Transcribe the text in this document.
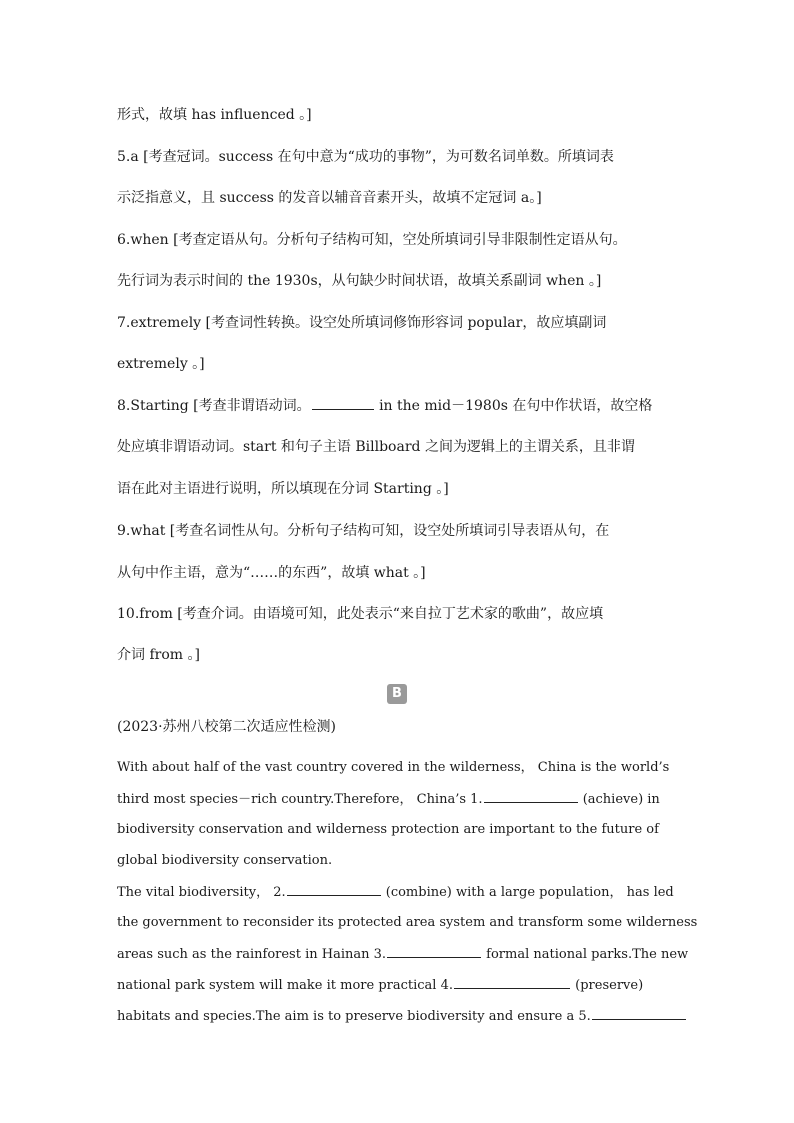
形式，故填 has influenced 。]
5.a [考查冠词。success 在句中意为“成功的事物”，为可数名词单数。所填词表
示泛指意义，且 success 的发音以辅音音素开头，故填不定冠词 a。]
6.when [考查定语从句。分析句子结构可知，空处所填词引导非限制性定语从句。
先行词为表示时间的 the 1930s，从句缺少时间状语，故填关系副词 when 。]
7.extremely [考查词性转换。设空处所填词修饰形容词 popular，故应填副词
extremely 。]
8.Starting [考查非谓语动词。	in the mid－1980s 在句中作状语，故空格
处应填非谓语动词。start 和句子主语 Billboard 之间为逻辑上的主谓关系，且非谓
语在此对主语进行说明，所以填现在分词 Starting 。]
9.what [考查名词性从句。分析句子结构可知，设空处所填词引导表语从句，在
从句中作主语，意为“……的东西”，故填 what 。]
10.from [考查介词。由语境可知，此处表示“来自拉丁艺术家的歌曲”，故应填
介词 from 。]
B
(2023·苏州八校第二次适应性检测)
With about half of the vast country covered in the wilderness， China is the world’s
third most species－rich country.Therefore， China’s 1.	(achieve) in
biodiversity conservation and wilderness protection are important to the future of
global biodiversity conservation.
The vital biodiversity， 2.	(combine) with a large population， has led
the government to reconsider its protected area system and transform some wilderness
areas such as the rainforest in Hainan 3.	formal national parks.The new
national park system will make it more practical 4.	(preserve)
habitats and species.The aim is to preserve biodiversity and ensure a 5.
